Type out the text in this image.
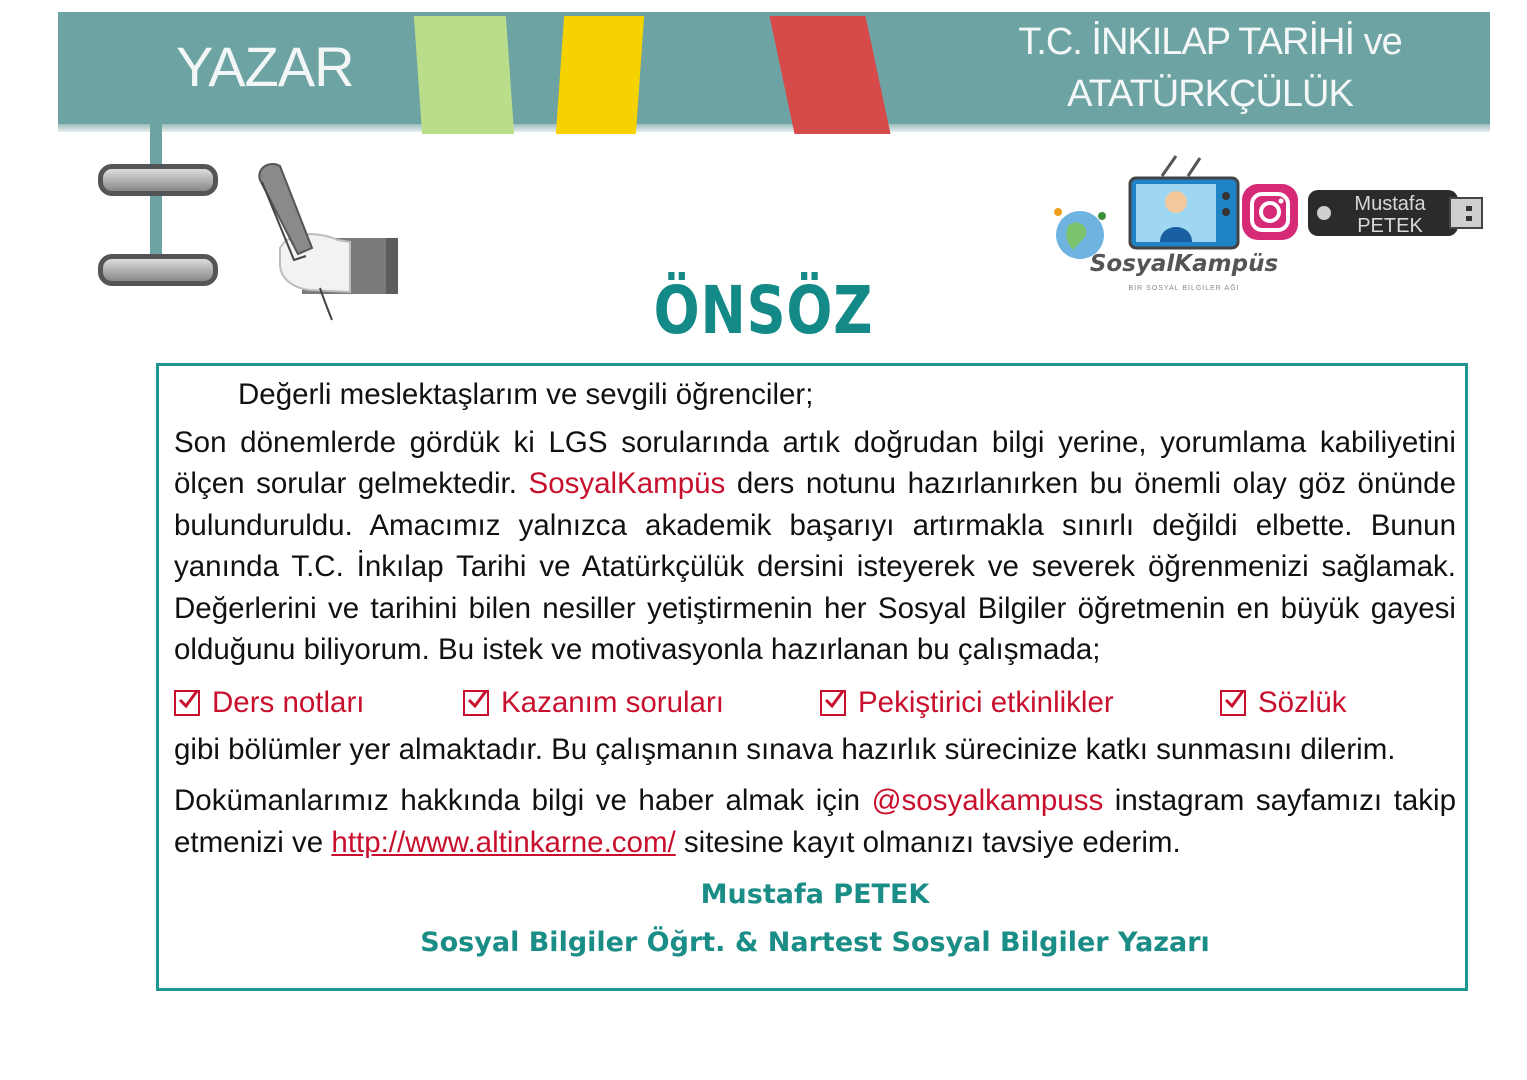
YAZAR	T.C. İNKILAP TARİHİ ve
ATATÜRKÇÜLÜK
Mustafa
PETEK
SosyalKampüs
BİR SOSYAL BİLGİLER AĞI
ÖNSÖZ

Değerli meslektaşlarım ve sevgili öğrenciler;

Son dönemlerde gördük ki LGS sorularında artık doğrudan bilgi yerine, yorumlama kabiliyetini ölçen sorular gelmektedir. SosyalKampüs ders notunu hazırlanırken bu önemli olay göz önünde bulunduruldu. Amacımız yalnızca akademik başarıyı artırmakla sınırlı değildi elbette. Bunun yanında T.C. İnkılap Tarihi ve Atatürkçülük dersini isteyerek ve severek öğrenmenizi sağlamak. Değerlerini ve tarihini bilen nesiller yetiştirmenin her Sosyal Bilgiler öğretmenin en büyük gayesi olduğunu biliyorum. Bu istek ve motivasyonla hazırlanan bu çalışmada;

Ders notları	Kazanım soruları	Pekiştirici etkinlikler	Sözlük

gibi bölümler yer almaktadır. Bu çalışmanın sınava hazırlık sürecinize katkı sunmasını dilerim.

Dokümanlarımız hakkında bilgi ve haber almak için @sosyalkampuss instagram sayfamızı takip etmenizi ve http://www.altinkarne.com/ sitesine kayıt olmanızı tavsiye ederim.

Mustafa PETEK
Sosyal Bilgiler Öğrt. & Nartest Sosyal Bilgiler Yazarı
